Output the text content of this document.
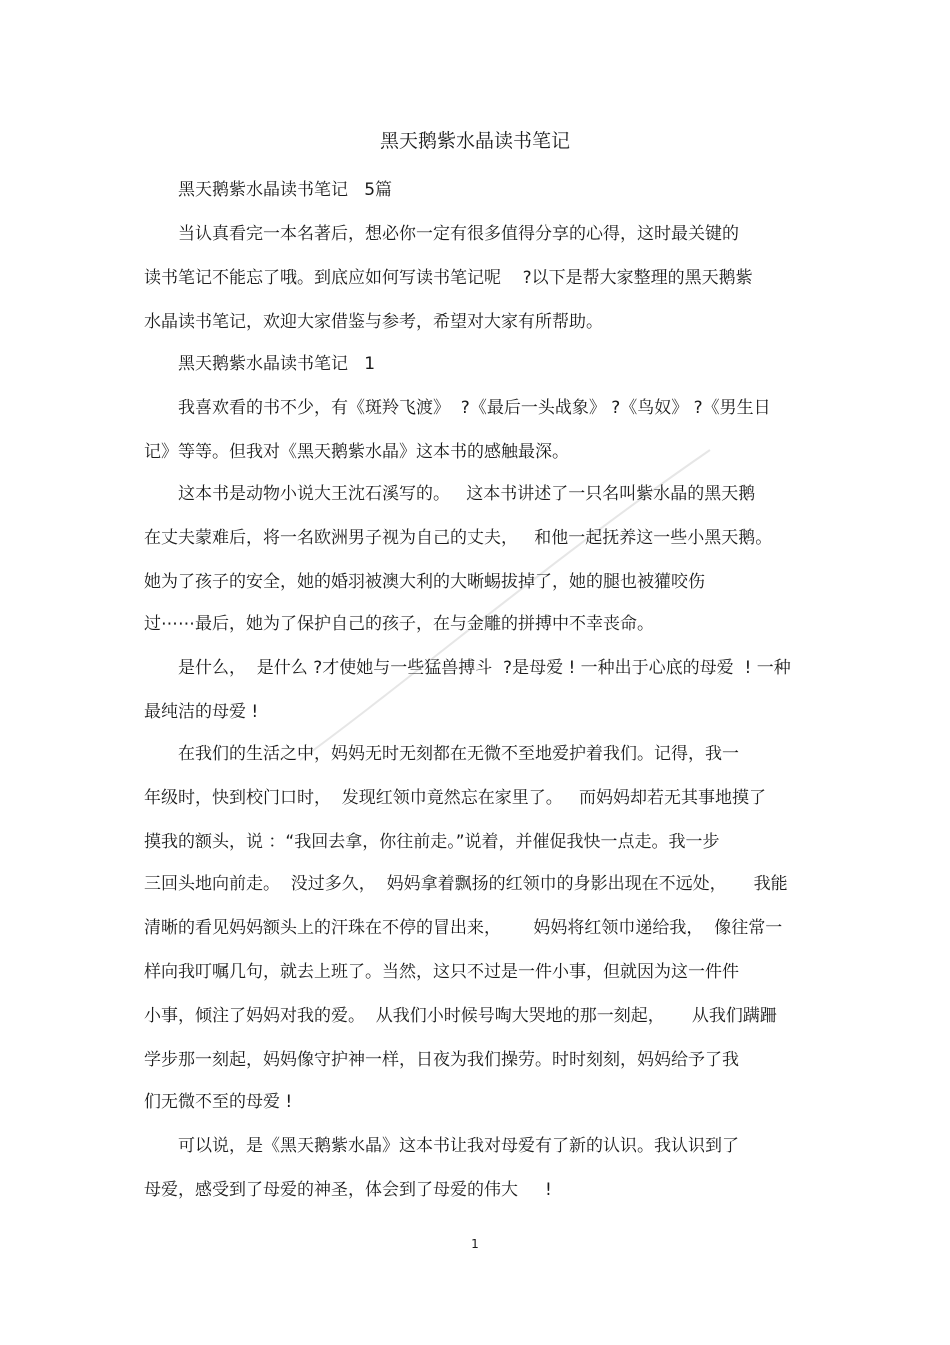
黑天鹅紫水晶读书笔记
黑天鹅紫水晶读书笔记   5篇
当认真看完一本名著后，想必你一定有很多值得分享的心得，这时最关键的
读书笔记不能忘了哦。到底应如何写读书笔记呢    ?以下是帮大家整理的黑天鹅紫
水晶读书笔记，欢迎大家借鉴与参考，希望对大家有所帮助。
黑天鹅紫水晶读书笔记   1
我喜欢看的书不少，有《斑羚飞渡》  ?《最后一头战象》 ?《鸟奴》 ?《男生日
记》等等。但我对《黑天鹅紫水晶》这本书的感触最深。
这本书是动物小说大王沈石溪写的。   这本书讲述了一只名叫紫水晶的黑天鹅
在丈夫蒙难后，将一名欧洲男子视为自己的丈夫，   和他一起抚养这一些小黑天鹅。
她为了孩子的安全，她的婚羽被澳大利的大晰蜴拔掉了，她的腿也被獾咬伤
过⋯⋯最后，她为了保护自己的孩子，在与金雕的拼搏中不幸丧命。
是什么，  是什么 ?才使她与一些猛兽搏斗  ?是母爱 ! 一种出于心底的母爱  ! 一种
最纯洁的母爱 !
在我们的生活之中，妈妈无时无刻都在无微不至地爱护着我们。记得，我一
年级时，快到校门口时，  发现红领巾竟然忘在家里了。   而妈妈却若无其事地摸了
摸我的额头，说 ：“我回去拿，你往前走。”说着，并催促我快一点走。我一步
三回头地向前走。  没过多久，  妈妈拿着飘扬的红领巾的身影出现在不远处，     我能
清晰的看见妈妈额头上的汗珠在不停的冒出来，      妈妈将红领巾递给我，  像往常一
样向我叮嘱几句，就去上班了。当然，这只不过是一件小事，但就因为这一件件
小事，倾注了妈妈对我的爱。  从我们小时候号啕大哭地的那一刻起，     从我们蹒跚
学步那一刻起，妈妈像守护神一样，日夜为我们操劳。时时刻刻，妈妈给予了我
们无微不至的母爱 !
可以说，是《黑天鹅紫水晶》这本书让我对母爱有了新的认识。我认识到了
母爱，感受到了母爱的神圣，体会到了母爱的伟大     !
1
